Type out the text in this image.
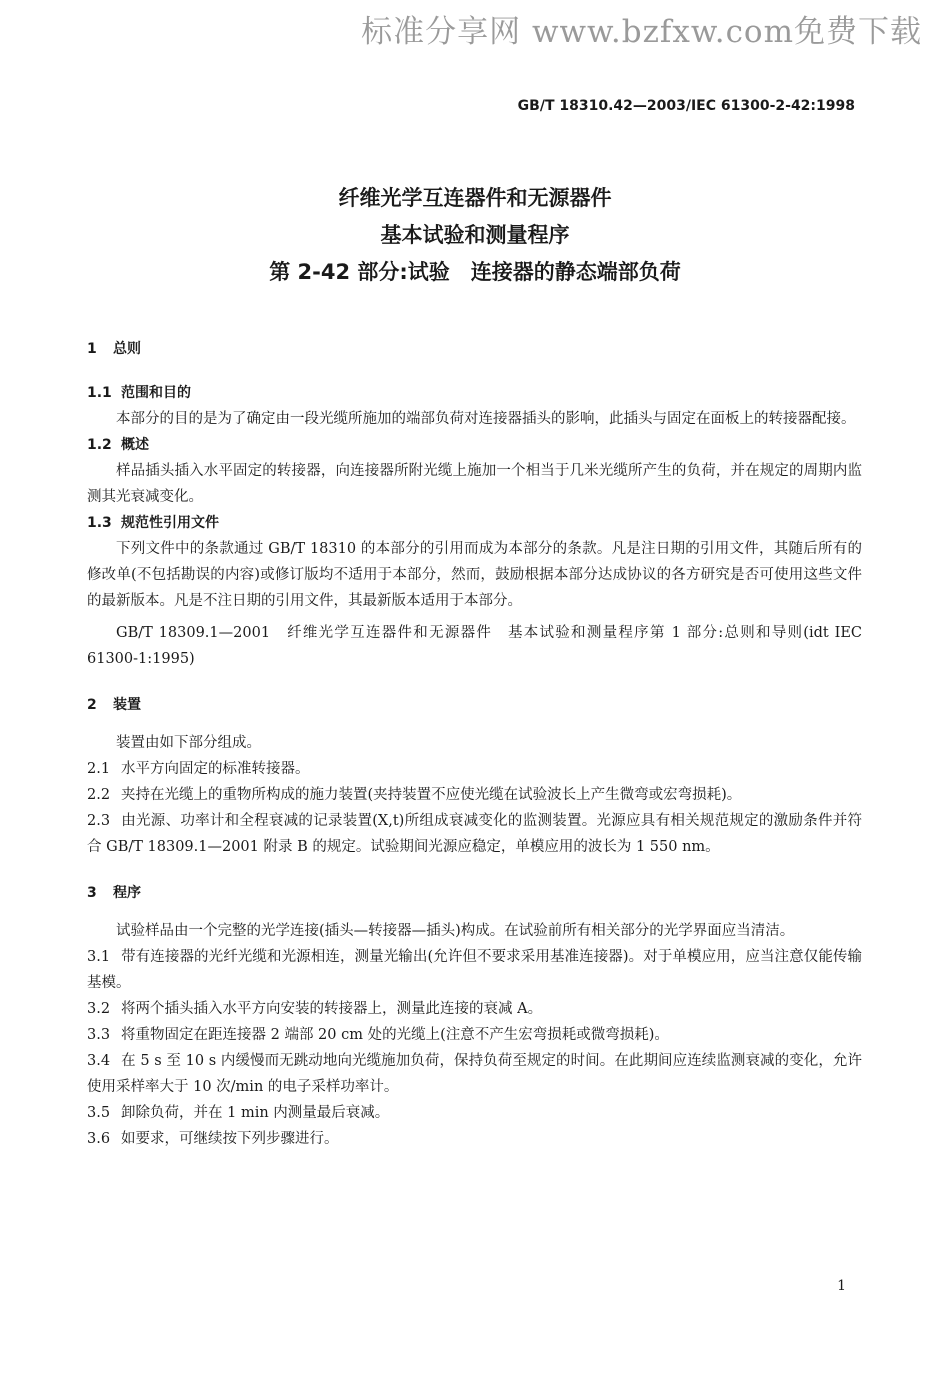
标准分享网 www.bzfxw.com免费下载
GB/T 18310.42—2003/IEC 61300-2-42:1998
纤维光学互连器件和无源器件
基本试验和测量程序
第 2-42 部分:试验　连接器的静态端部负荷
1 总则
1.1 范围和目的
本部分的目的是为了确定由一段光缆所施加的端部负荷对连接器插头的影响，此插头与固定在面板上的转接器配接。
1.2 概述
样品插头插入水平固定的转接器，向连接器所附光缆上施加一个相当于几米光缆所产生的负荷，并在规定的周期内监测其光衰减变化。
1.3 规范性引用文件
下列文件中的条款通过 GB/T 18310 的本部分的引用而成为本部分的条款。凡是注日期的引用文件，其随后所有的修改单(不包括勘误的内容)或修订版均不适用于本部分，然而，鼓励根据本部分达成协议的各方研究是否可使用这些文件的最新版本。凡是不注日期的引用文件，其最新版本适用于本部分。
GB/T 18309.1—2001　纤维光学互连器件和无源器件　基本试验和测量程序第 1 部分:总则和导则(idt IEC 61300-1:1995)
2 装置
装置由如下部分组成。
2.1 水平方向固定的标准转接器。
2.2 夹持在光缆上的重物所构成的施力装置(夹持装置不应使光缆在试验波长上产生微弯或宏弯损耗)。
2.3 由光源、功率计和全程衰减的记录装置(X,t)所组成衰减变化的监测装置。光源应具有相关规范规定的激励条件并符合 GB/T 18309.1—2001 附录 B 的规定。试验期间光源应稳定，单模应用的波长为 1 550 nm。
3 程序
试验样品由一个完整的光学连接(插头—转接器—插头)构成。在试验前所有相关部分的光学界面应当清洁。
3.1 带有连接器的光纤光缆和光源相连，测量光输出(允许但不要求采用基准连接器)。对于单模应用，应当注意仅能传输基模。
3.2 将两个插头插入水平方向安装的转接器上，测量此连接的衰减 A。
3.3 将重物固定在距连接器 2 端部 20 cm 处的光缆上(注意不产生宏弯损耗或微弯损耗)。
3.4 在 5 s 至 10 s 内缓慢而无跳动地向光缆施加负荷，保持负荷至规定的时间。在此期间应连续监测衰减的变化，允许使用采样率大于 10 次/min 的电子采样功率计。
3.5 卸除负荷，并在 1 min 内测量最后衰减。
3.6 如要求，可继续按下列步骤进行。
1
